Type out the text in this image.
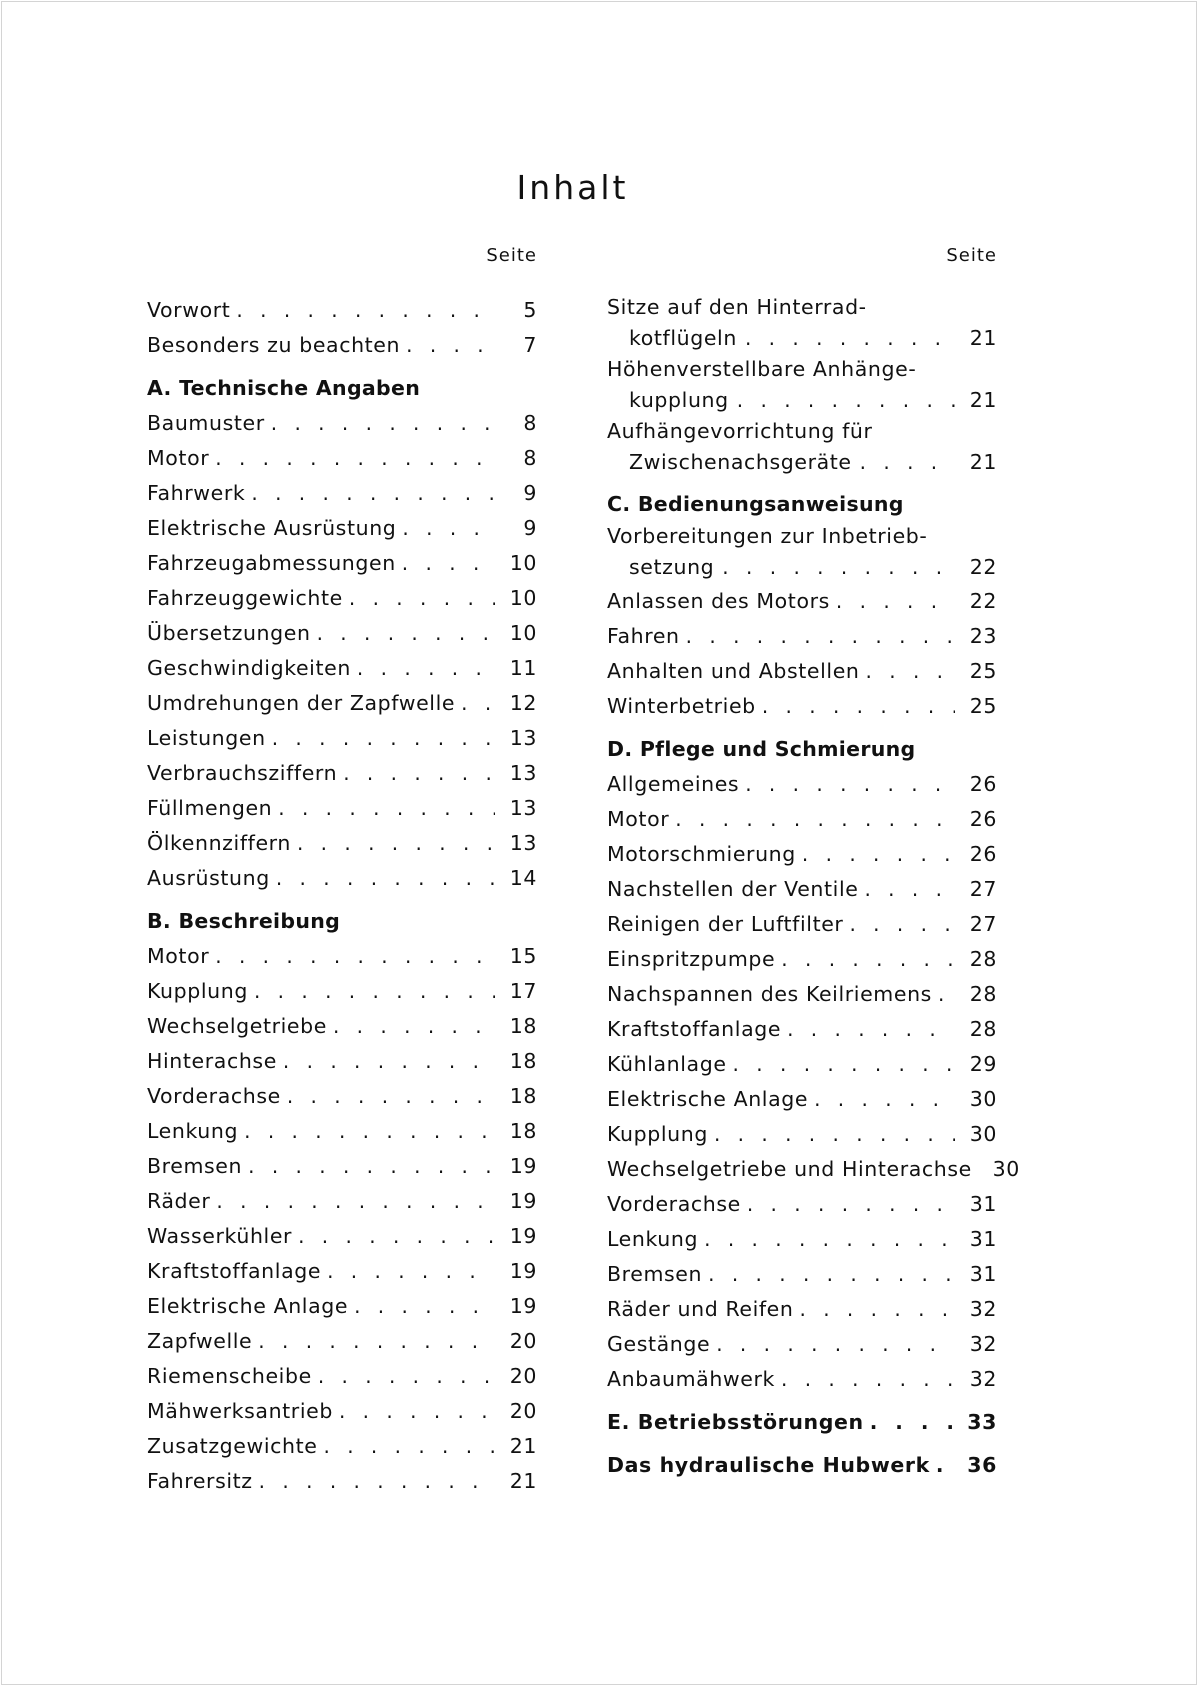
Inhalt
Seite
Vorwort . . .	5
Besonders zu beachten . . .	7
A. Technische Angaben
Baumuster . . .	8
Motor . . .	8
Fahrwerk . . .	9
Elektrische Ausrüstung . . .	9
Fahrzeugabmessungen . . .	10
Fahrzeuggewichte . . .	10
Übersetzungen . . .	10
Geschwindigkeiten . . .	11
Umdrehungen der Zapfwelle . . .	12
Leistungen . . .	13
Verbrauchsziffern . . .	13
Füllmengen . . .	13
Ölkennziffern . . .	13
Ausrüstung . . .	14
B. Beschreibung
Motor . . .	15
Kupplung . . .	17
Wechselgetriebe . . .	18
Hinterachse . . .	18
Vorderachse . . .	18
Lenkung . . .	18
Bremsen . . .	19
Räder . . .	19
Wasserkühler . . .	19
Kraftstoffanlage . . .	19
Elektrische Anlage . . .	19
Zapfwelle . . .	20
Riemenscheibe . . .	20
Mähwerksantrieb . . .	20
Zusatzgewichte . . .	21
Fahrersitz . . .	21
Seite
Sitze auf den Hinterrad-
kotflügeln . . .	21
Höhenverstellbare Anhänge-
kupplung . . .	21
Aufhängevorrichtung für
Zwischenachsgeräte . . .	21
C. Bedienungsanweisung
Vorbereitungen zur Inbetrieb-
setzung . . .	22
Anlassen des Motors . . .	22
Fahren . . .	23
Anhalten und Abstellen . . .	25
Winterbetrieb . . .	25
D. Pflege und Schmierung
Allgemeines . . .	26
Motor . . .	26
Motorschmierung . . .	26
Nachstellen der Ventile . . .	27
Reinigen der Luftfilter . . .	27
Einspritzpumpe . . .	28
Nachspannen des Keilriemens . . .	28
Kraftstoffanlage . . .	28
Kühlanlage . . .	29
Elektrische Anlage . . .	30
Kupplung . . .	30
Wechselgetriebe und Hinterachse	30
Vorderachse . . .	31
Lenkung . . .	31
Bremsen . . .	31
Räder und Reifen . . .	32
Gestänge . . .	32
Anbaumähwerk . . .	32
E. Betriebsstörungen . . .	33
Das hydraulische Hubwerk . . . 36
